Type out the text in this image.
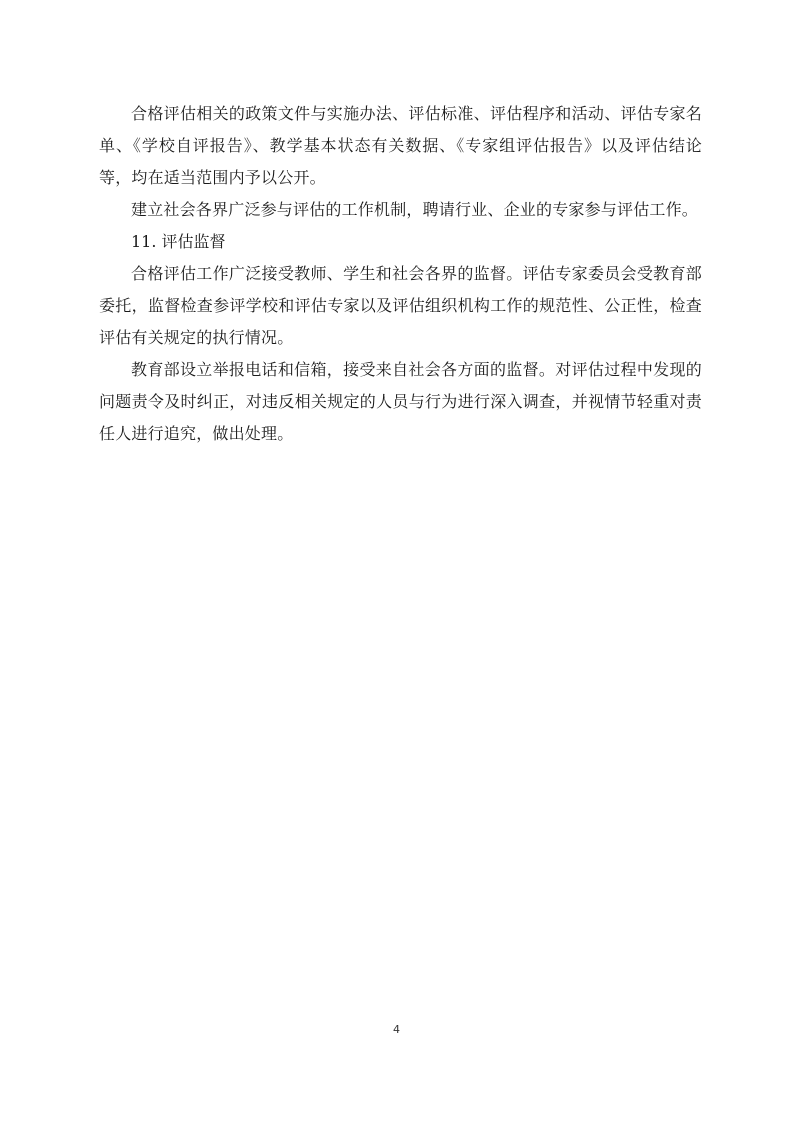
合格评估相关的政策文件与实施办法、评估标准、评估程序和活动、评估专家名单、《学校自评报告》、教学基本状态有关数据、《专家组评估报告》以及评估结论等，均在适当范围内予以公开。

建立社会各界广泛参与评估的工作机制，聘请行业、企业的专家参与评估工作。

11. 评估监督

合格评估工作广泛接受教师、学生和社会各界的监督。评估专家委员会受教育部委托，监督检查参评学校和评估专家以及评估组织机构工作的规范性、公正性，检查评估有关规定的执行情况。

教育部设立举报电话和信箱，接受来自社会各方面的监督。对评估过程中发现的问题责令及时纠正，对违反相关规定的人员与行为进行深入调查，并视情节轻重对责任人进行追究，做出处理。

4
